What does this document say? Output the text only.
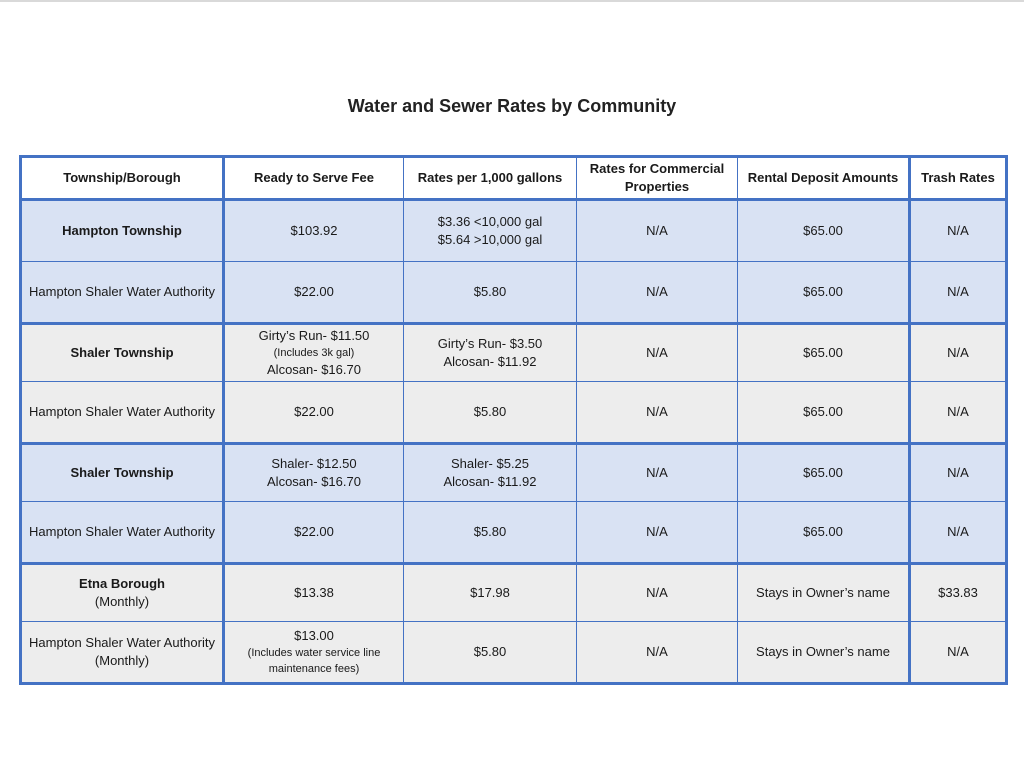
Water and Sewer Rates by Community
Township/Borough	Ready to Serve Fee	Rates per 1,000 gallons	Rates for Commercial Properties	Rental Deposit Amounts	Trash Rates
Hampton Township	$103.92	$3.36 <10,000 gal
$5.64 >10,000 gal	N/A	$65.00	N/A
Hampton Shaler Water Authority	$22.00	$5.80	N/A	$65.00	N/A
Shaler Township	Girty’s Run- $11.50
(Includes 3k gal)
Alcosan- $16.70	Girty’s Run- $3.50
Alcosan- $11.92	N/A	$65.00	N/A
Hampton Shaler Water Authority	$22.00	$5.80	N/A	$65.00	N/A
Shaler Township	Shaler- $12.50
Alcosan- $16.70	Shaler- $5.25
Alcosan- $11.92	N/A	$65.00	N/A
Hampton Shaler Water Authority	$22.00	$5.80	N/A	$65.00	N/A
Etna Borough
(Monthly)	$13.38	$17.98	N/A	Stays in Owner’s name	$33.83
Hampton Shaler Water Authority
(Monthly)	$13.00
(Includes water service line maintenance fees)	$5.80	N/A	Stays in Owner’s name	N/A
